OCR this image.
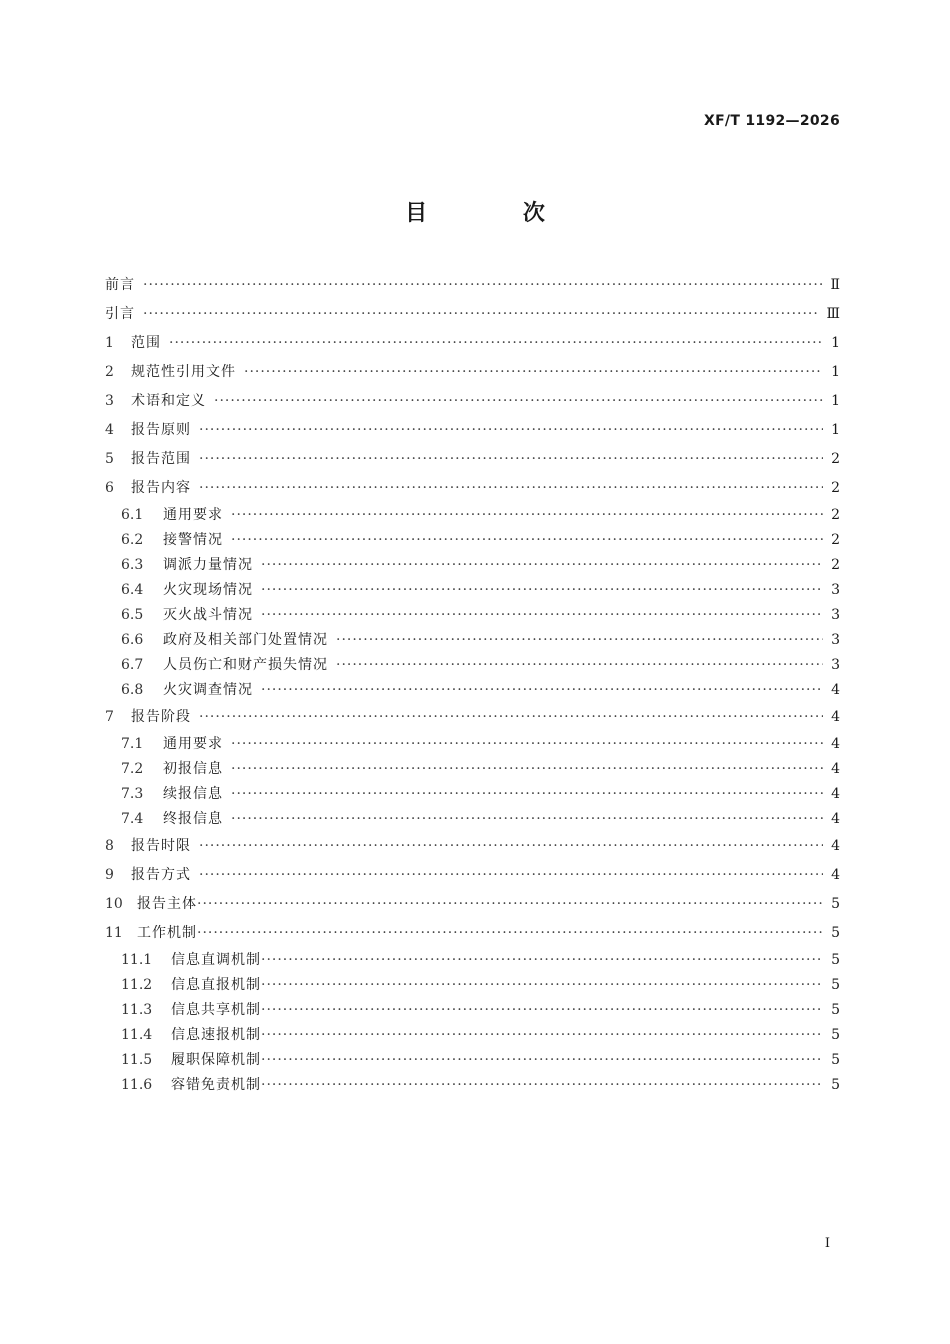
XF/T 1192—2026
目 次
前言 ·····	Ⅱ
引言 ·····	Ⅲ
1	范围 ·····	1
2	规范性引用文件 ·····	1
3	术语和定义 ·····	1
4	报告原则 ·····	1
5	报告范围 ·····	2
6	报告内容 ·····	2
6.1	通用要求 ·····	2
6.2	接警情况 ·····	2
6.3	调派力量情况 ·····	2
6.4	火灾现场情况 ·····	3
6.5	灭火战斗情况 ·····	3
6.6	政府及相关部门处置情况 ·····	3
6.7	人员伤亡和财产损失情况 ·····	3
6.8	火灾调查情况 ·····	4
7	报告阶段 ·····	4
7.1	通用要求 ·····	4
7.2	初报信息 ·····	4
7.3	续报信息 ·····	4
7.4	终报信息 ·····	4
8	报告时限 ·····	4
9	报告方式 ·····	4
10	报告主体 ·····	5
11	工作机制 ·····	5
11.1	信息直调机制 ·····	5
11.2	信息直报机制 ·····	5
11.3	信息共享机制 ·····	5
11.4	信息速报机制 ·····	5
11.5	履职保障机制 ·····	5
11.6	容错免责机制 ·····	5
I
